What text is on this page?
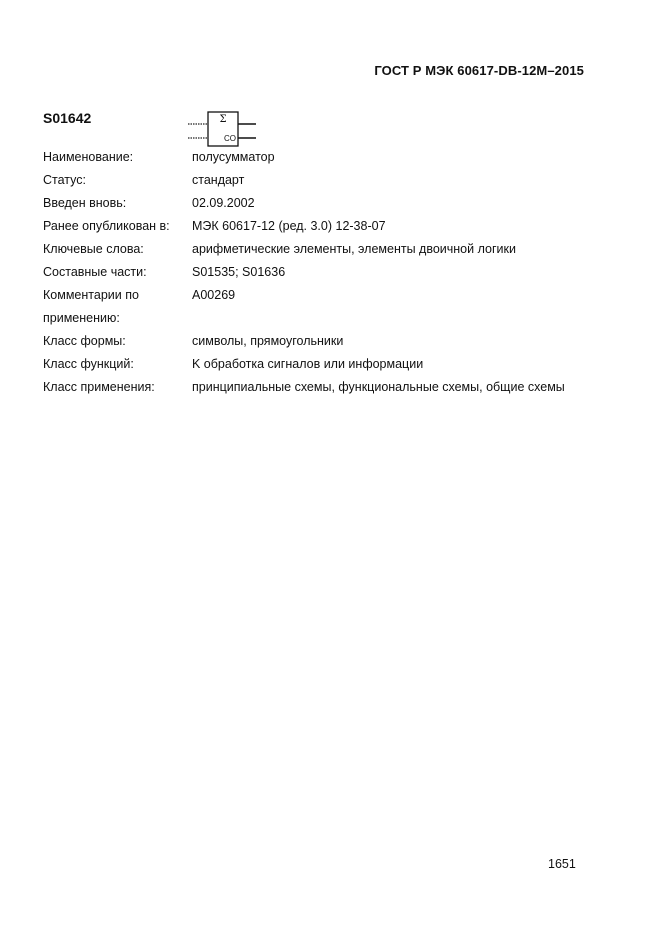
ГОСТ Р МЭК 60617-DB-12M–2015
S01642	Σ
CO
Наименование:	полусумматор
Статус:	стандарт
Введен вновь:	02.09.2002
Ранее опубликован в: МЭК 60617-12 (ред. 3.0) 12-38-07
Ключевые слова:	арифметические элементы, элементы двоичной логики
Составные части:	S01535; S01636
Комментарии по	A00269
применению:
Класс формы:	символы, прямоугольники
Класс функций:	K обработка сигналов или информации
Класс применения:	принципиальные схемы, функциональные схемы, общие схемы
1651
